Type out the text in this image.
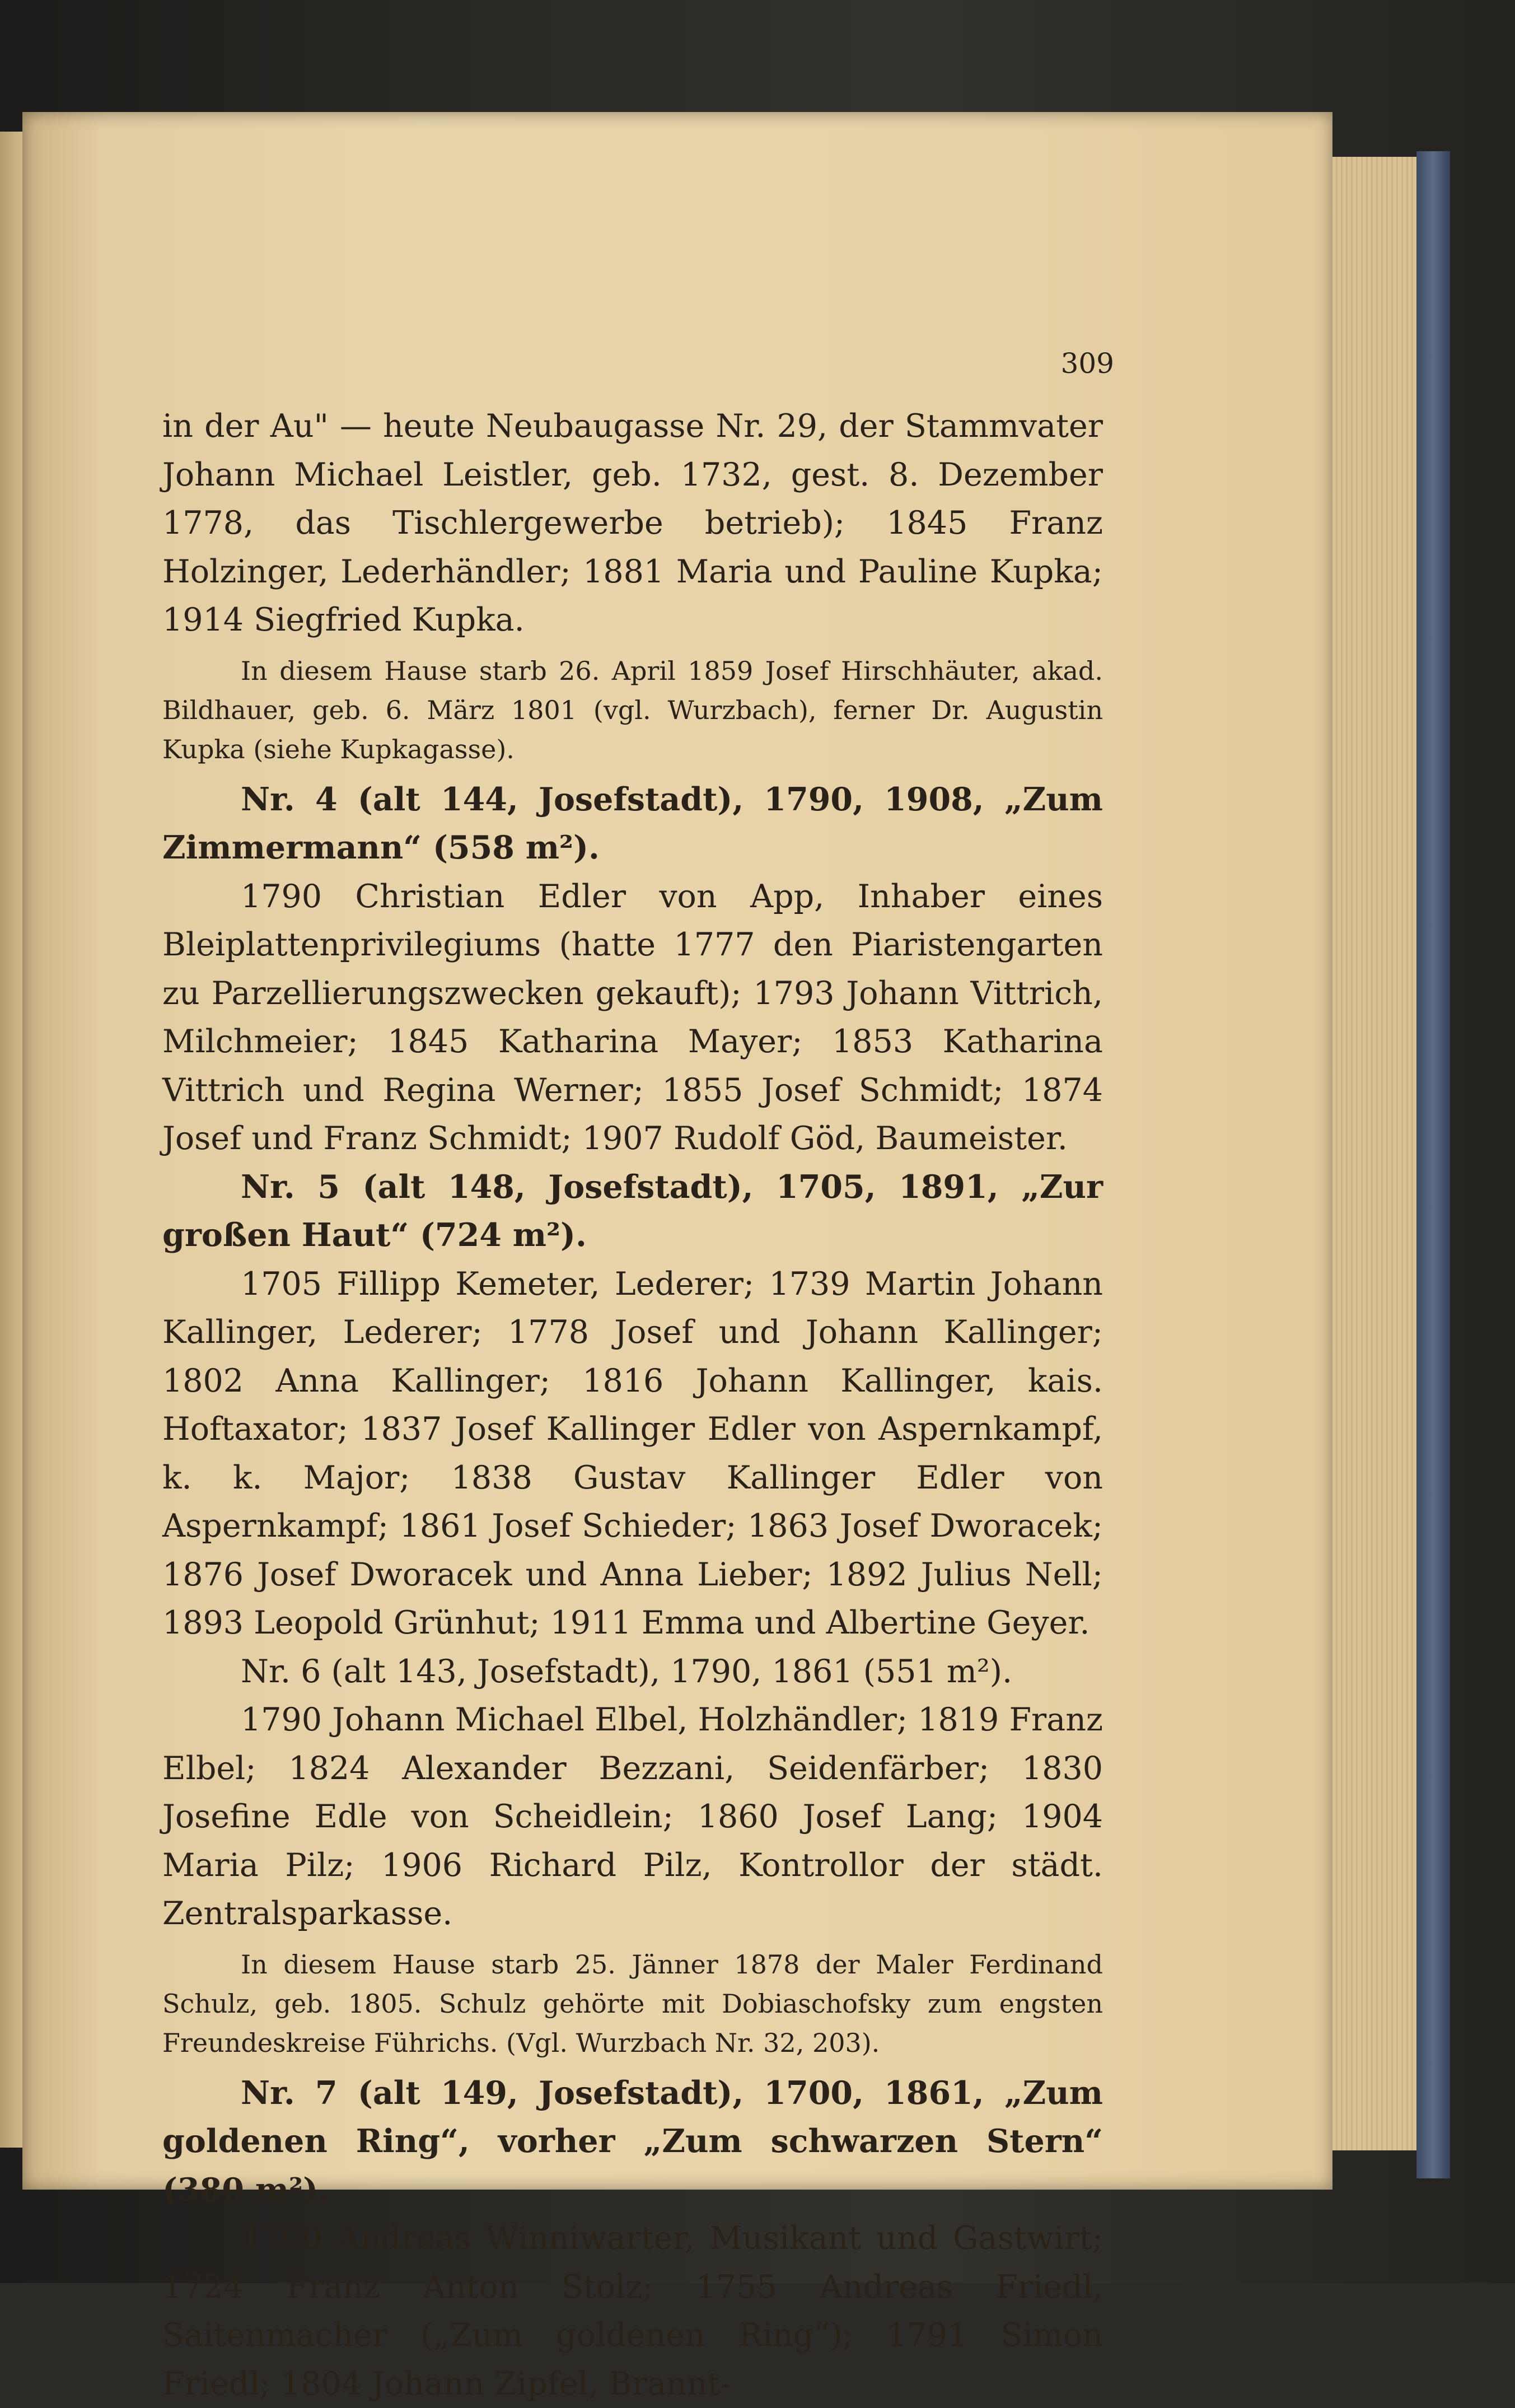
309

in der Au" — heute Neubaugasse Nr. 29, der Stammvater Johann Michael Leistler, geb. 1732, gest. 8. Dezember 1778, das Tischlergewerbe betrieb); 1845 Franz Holzinger, Lederhändler; 1881 Maria und Pauline Kupka; 1914 Siegfried Kupka.

In diesem Hause starb 26. April 1859 Josef Hirschhäuter, akad. Bildhauer, geb. 6. März 1801 (vgl. Wurzbach), ferner Dr. Augustin Kupka (siehe Kupkagasse).

Nr. 4 (alt 144, Josefstadt), 1790, 1908, „Zum Zimmermann“ (558 m²).

1790 Christian Edler von App, Inhaber eines Bleiplattenprivilegiums (hatte 1777 den Piaristengarten zu Parzellierungszwecken gekauft); 1793 Johann Vittrich, Milchmeier; 1845 Katharina Mayer; 1853 Katharina Vittrich und Regina Werner; 1855 Josef Schmidt; 1874 Josef und Franz Schmidt; 1907 Rudolf Göd, Baumeister.

Nr. 5 (alt 148, Josefstadt), 1705, 1891, „Zur großen Haut“ (724 m²).

1705 Fillipp Kemeter, Lederer; 1739 Martin Johann Kallinger, Lederer; 1778 Josef und Johann Kallinger; 1802 Anna Kallinger; 1816 Johann Kallinger, kais. Hoftaxator; 1837 Josef Kallinger Edler von Aspernkampf, k. k. Major; 1838 Gustav Kallinger Edler von Aspernkampf; 1861 Josef Schieder; 1863 Josef Dworacek; 1876 Josef Dworacek und Anna Lieber; 1892 Julius Nell; 1893 Leopold Grünhut; 1911 Emma und Albertine Geyer.

Nr. 6 (alt 143, Josefstadt), 1790, 1861 (551 m²).

1790 Johann Michael Elbel, Holzhändler; 1819 Franz Elbel; 1824 Alexander Bezzani, Seidenfärber; 1830 Josefine Edle von Scheidlein; 1860 Josef Lang; 1904 Maria Pilz; 1906 Richard Pilz, Kontrollor der städt. Zentralsparkasse.

In diesem Hause starb 25. Jänner 1878 der Maler Ferdinand Schulz, geb. 1805. Schulz gehörte mit Dobiaschofsky zum engsten Freundeskreise Führichs. (Vgl. Wurzbach Nr. 32, 203).

Nr. 7 (alt 149, Josefstadt), 1700, 1861, „Zum goldenen Ring“, vorher „Zum schwarzen Stern“ (380 m²).

1700 Andreas Winniwarter, Musikant und Gastwirt; 1724 Franz Anton Stolz; 1755 Andreas Friedl, Saitenmacher („Zum goldenen Ring“); 1791 Simon Friedl; 1804 Johann Zipfel, Brannt-
